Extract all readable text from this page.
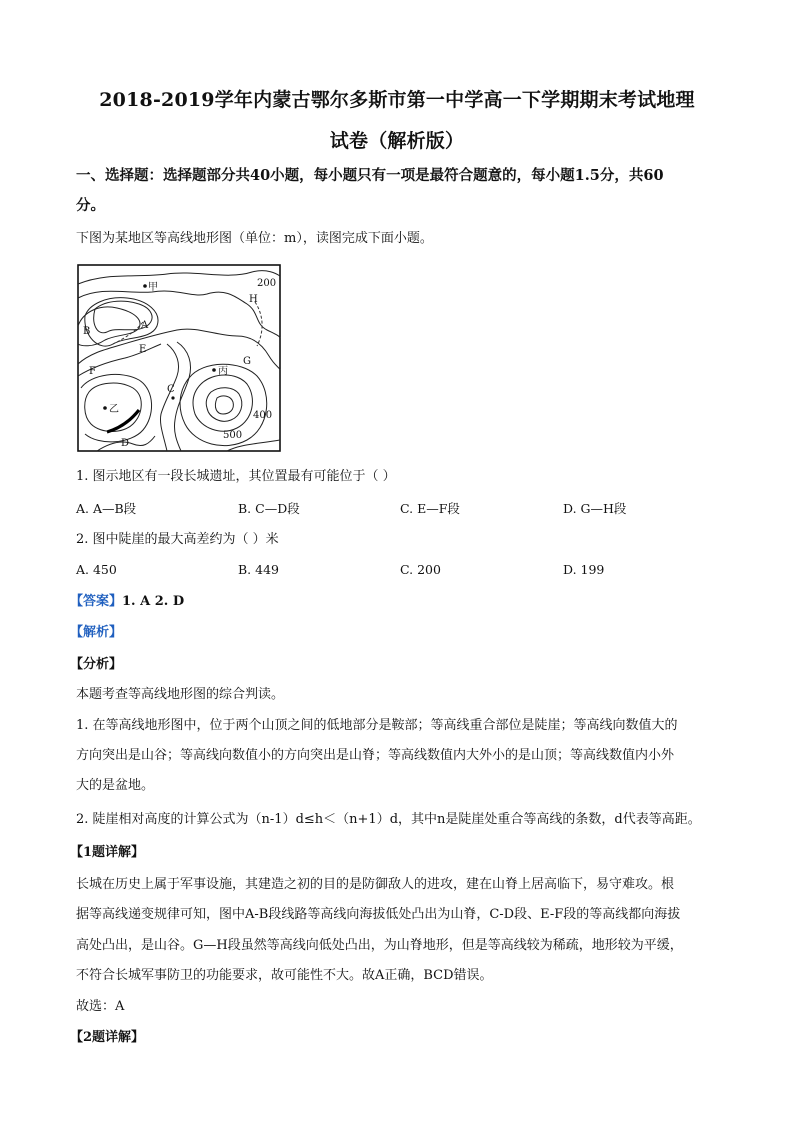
2018-2019学年内蒙古鄂尔多斯市第一中学高一下学期期末考试地理
试卷（解析版）
一、选择题：选择题部分共40小题，每小题只有一项是最符合题意的，每小题1.5分，共60
分。
下图为某地区等高线地形图（单位：m），读图完成下面小题。
甲
乙
丙
A
B
C
D
E
F
G
H
200
400
500
1. 图示地区有一段长城遗址，其位置最有可能位于（ ）
A. A—B段	B. C—D段	C. E—F段	D. G—H段
2. 图中陡崖的最大高差约为（ ）米
A. 450	B. 449	C. 200	D. 199
【答案】1. A 2. D
【解析】
【分析】
本题考查等高线地形图的综合判读。
1. 在等高线地形图中，位于两个山顶之间的低地部分是鞍部；等高线重合部位是陡崖；等高线向数值大的
方向突出是山谷；等高线向数值小的方向突出是山脊；等高线数值内大外小的是山顶；等高线数值内小外
大的是盆地。
2. 陡崖相对高度的计算公式为（n-1）d≤h＜（n+1）d，其中n是陡崖处重合等高线的条数，d代表等高距。
【1题详解】
长城在历史上属于军事设施，其建造之初的目的是防御敌人的进攻，建在山脊上居高临下，易守难攻。根
据等高线递变规律可知，图中A-B段线路等高线向海拔低处凸出为山脊，C-D段、E-F段的等高线都向海拔
高处凸出，是山谷。G—H段虽然等高线向低处凸出，为山脊地形，但是等高线较为稀疏，地形较为平缓，
不符合长城军事防卫的功能要求，故可能性不大。故A正确，BCD错误。
故选：A
【2题详解】
